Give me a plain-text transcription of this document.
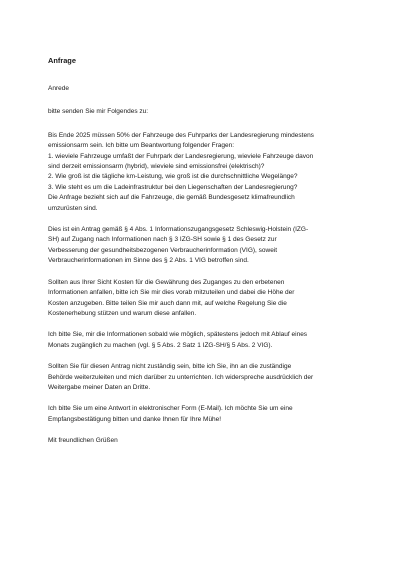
Anfrage
Anrede
bitte senden Sie mir Folgendes zu:
Bis Ende 2025 müssen 50% der Fahrzeuge des Fuhrparks der Landesregierung mindestens
emissionsarm sein. Ich bitte um Beantwortung folgender Fragen:
1. wieviele Fahrzeuge umfaßt der Fuhrpark der Landesregierung, wieviele Fahrzeuge davon
sind derzeit emissionsarm (hybrid), wieviele sind emissionsfrei (elektrisch)?
2. Wie groß ist die tägliche km-Leistung, wie groß ist die durchschnittliche Wegelänge?
3. Wie steht es um die Ladeinfrastruktur bei den Liegenschaften der Landesregierung?
Die Anfrage bezieht sich auf die Fahrzeuge, die gemäß Bundesgesetz klimafreundlich
umzurüsten sind.
Dies ist ein Antrag gemäß § 4 Abs. 1 Informationszugangsgesetz Schleswig-Holstein (IZG-
SH) auf Zugang nach Informationen nach § 3 IZG-SH sowie § 1 des Gesetz zur
Verbesserung der gesundheitsbezogenen Verbraucherinformation (VIG), soweit
Verbraucherinformationen im Sinne des § 2 Abs. 1 VIG betroffen sind.
Sollten aus Ihrer Sicht Kosten für die Gewährung des Zuganges zu den erbetenen
Informationen anfallen, bitte ich Sie mir dies vorab mitzuteilen und dabei die Höhe der
Kosten anzugeben. Bitte teilen Sie mir auch dann mit, auf welche Regelung Sie die
Kostenerhebung stützen und warum diese anfallen.
Ich bitte Sie, mir die Informationen sobald wie möglich, spätestens jedoch mit Ablauf eines
Monats zugänglich zu machen (vgl. § 5 Abs. 2 Satz 1 IZG-SH/§ 5 Abs. 2 VIG).
Sollten Sie für diesen Antrag nicht zuständig sein, bitte ich Sie, ihn an die zuständige
Behörde weiterzuleiten und mich darüber zu unterrichten. Ich widerspreche ausdrücklich der
Weitergabe meiner Daten an Dritte.
Ich bitte Sie um eine Antwort in elektronischer Form (E-Mail). Ich möchte Sie um eine
Empfangsbestätigung bitten und danke Ihnen für Ihre Mühe!
Mit freundlichen Grüßen
